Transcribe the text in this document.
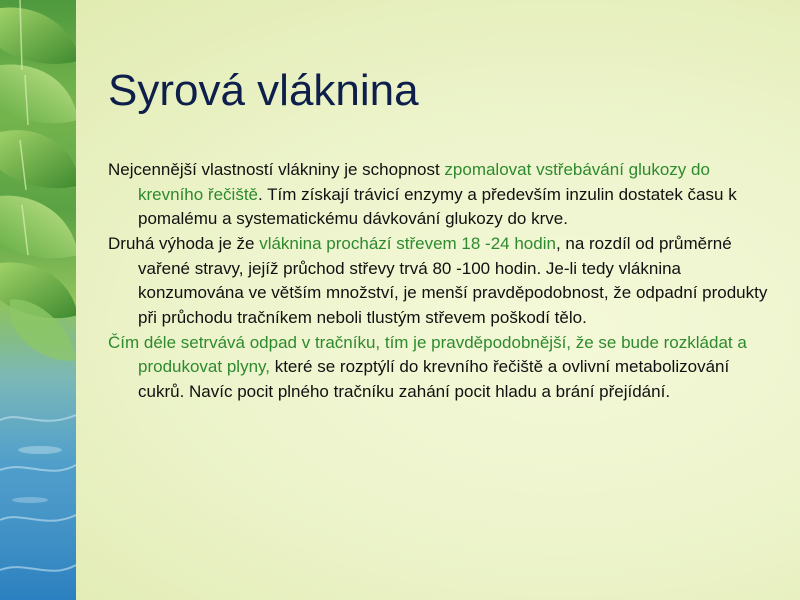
Syrová vláknina

Nejcennější vlastností vlákniny je schopnost zpomalovat vstřebávání glukozy do krevního řečiště. Tím získají trávicí enzymy a především inzulin dostatek času k pomalému a systematickému dávkování glukozy do krve.

Druhá výhoda je že vláknina prochází střevem 18 -24 hodin, na rozdíl od průměrné vařené stravy, jejíž průchod střevy trvá 80 -100 hodin. Je-li tedy vláknina konzumována ve větším množství, je menší pravděpodobnost, že odpadní produkty při průchodu tračníkem neboli tlustým střevem poškodí tělo.

Čím déle setrvává odpad v tračníku, tím je pravděpodobnější, že se bude rozkládat a produkovat plyny, které se rozptýlí do krevního řečiště a ovlivní metabolizování cukrů. Navíc pocit plného tračníku zahání pocit hladu a brání přejídání.
